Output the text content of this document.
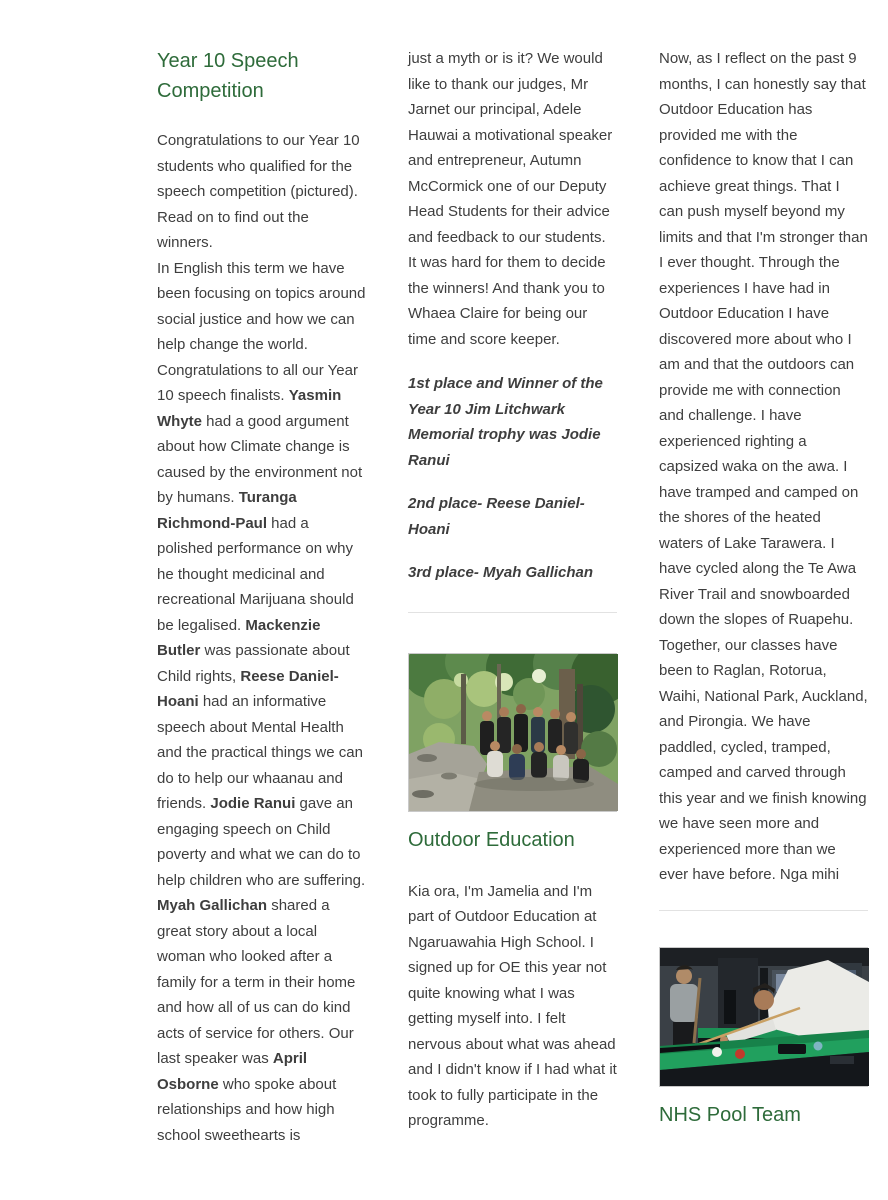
Year 10 Speech Competition

Congratulations to our Year 10 students who qualified for the speech competition (pictured). Read on to find out the winners.
In English this term we have been focusing on topics around social justice and how we can help change the world. Congratulations to all our Year 10 speech finalists. Yasmin Whyte had a good argument about how Climate change is caused by the environment not by humans. Turanga Richmond-Paul had a polished performance on why he thought medicinal and recreational Marijuana should be legalised. Mackenzie Butler was passionate about Child rights, Reese Daniel- Hoani had an informative speech about Mental Health and the practical things we can do to help our whaanau and friends. Jodie Ranui gave an engaging speech on Child poverty and what we can do to help children who are suffering. Myah Gallichan shared a great story about a local woman who looked after a family for a term in their home and how all of us can do kind acts of service for others. Our last speaker was April Osborne who spoke about relationships and how high school sweethearts is

just a myth or is it? We would like to thank our judges, Mr Jarnet our principal, Adele Hauwai a motivational speaker and entrepreneur, Autumn McCormick one of our Deputy Head Students for their advice and feedback to our students. It was hard for them to decide the winners! And thank you to Whaea Claire for being our time and score keeper.

1st place and Winner of the Year 10 Jim Litchwark Memorial trophy was Jodie Ranui

2nd place- Reese Daniel-Hoani

3rd place- Myah Gallichan

Outdoor Education

Kia ora, I'm Jamelia and I'm part of Outdoor Education at Ngaruawahia High School. I signed up for OE this year not quite knowing what I was getting myself into. I felt nervous about what was ahead and I didn't know if I had what it took to fully participate in the programme.

Now, as I reflect on the past 9 months, I can honestly say that Outdoor Education has provided me with the confidence to know that I can achieve great things. That I can push myself beyond my limits and that I'm stronger than I ever thought. Through the experiences I have had in Outdoor Education I have discovered more about who I am and that the outdoors can provide me with connection and challenge. I have experienced righting a capsized waka on the awa. I have tramped and camped on the shores of the heated waters of Lake Tarawera. I have cycled along the Te Awa River Trail and snowboarded down the slopes of Ruapehu. Together, our classes have been to Raglan, Rotorua, Waihi, National Park, Auckland, and Pirongia. We have paddled, cycled, tramped, camped and carved through this year and we finish knowing we have seen more and experienced more than we ever have before. Nga mihi

NHS Pool Team
